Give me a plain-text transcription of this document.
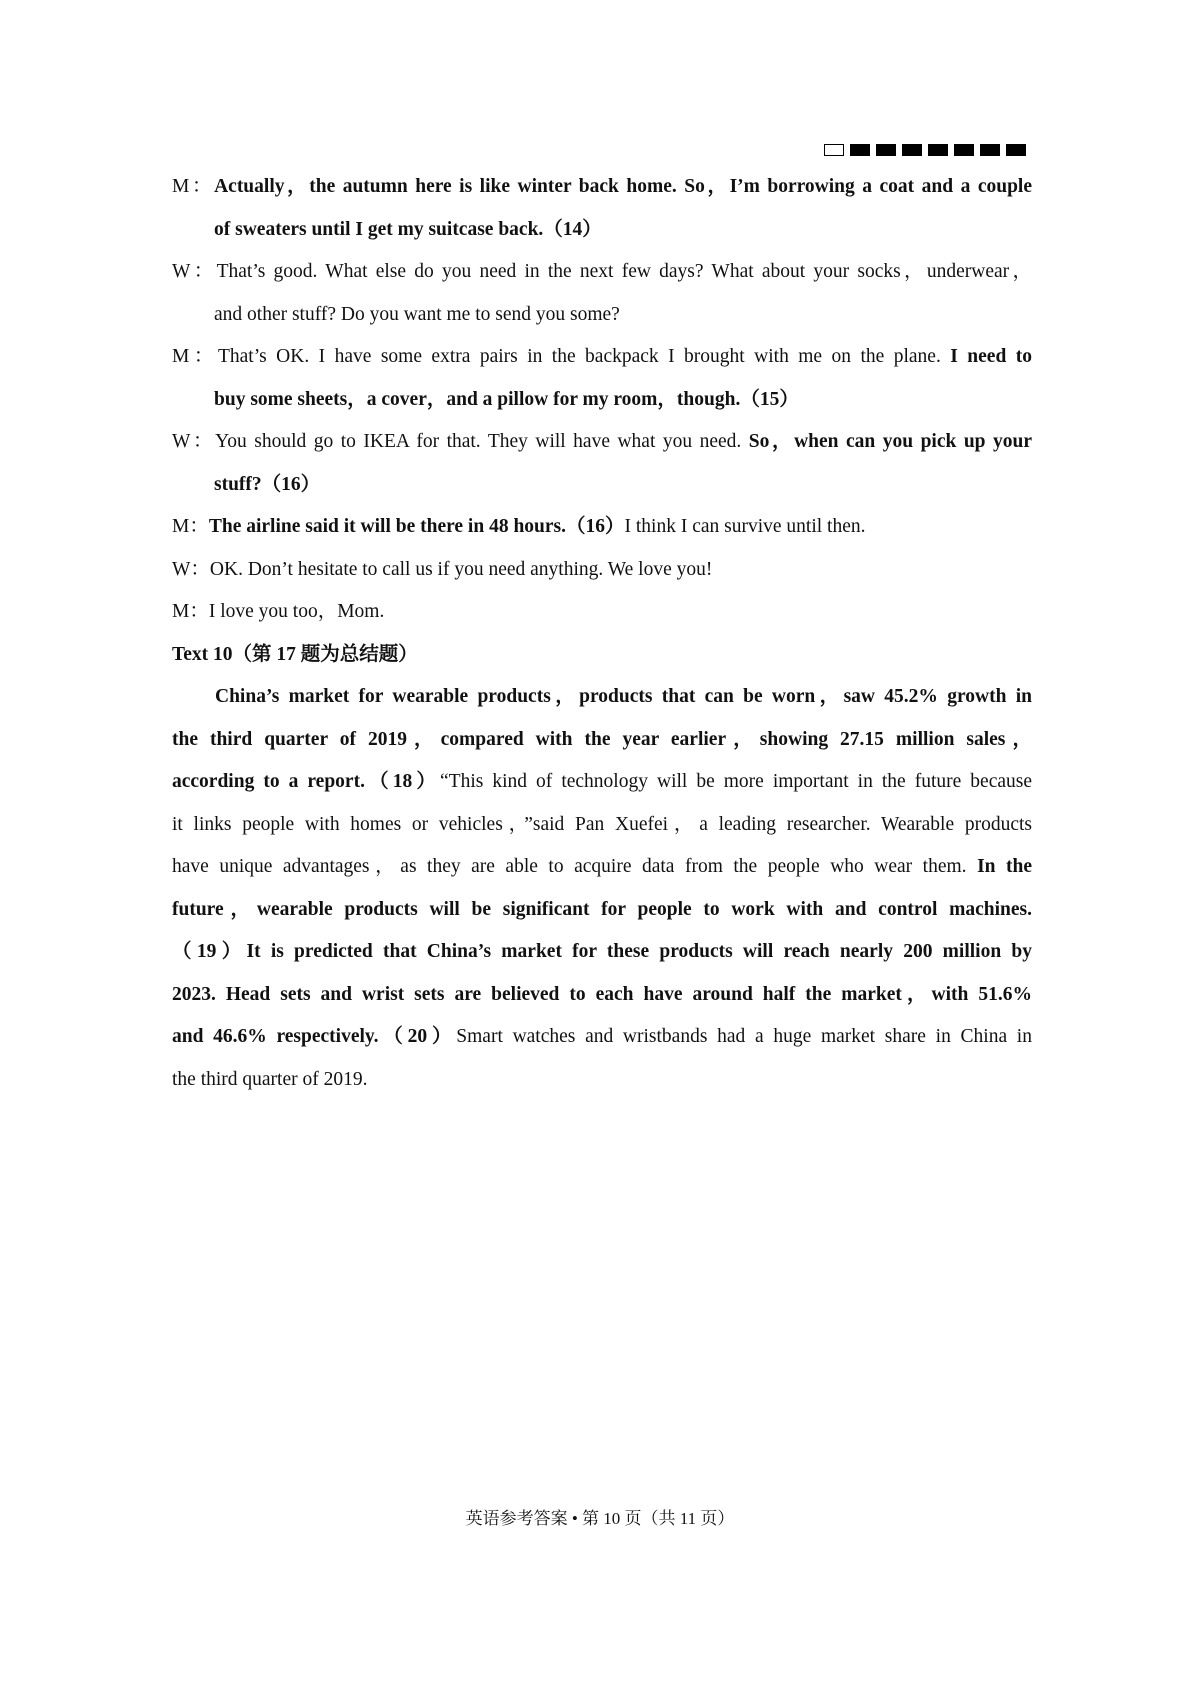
M：Actually，the autumn here is like winter back home. So，I’m borrowing a coat and a couple
of sweaters until I get my suitcase back.（14）
W：That’s good. What else do you need in the next few days? What about your socks，underwear，
and other stuff? Do you want me to send you some?
M：That’s OK. I have some extra pairs in the backpack I brought with me on the plane. I need to
buy some sheets，a cover，and a pillow for my room，though.（15）
W：You should go to IKEA for that. They will have what you need. So，when can you pick up your
stuff?（16）
M：The airline said it will be there in 48 hours.（16）I think I can survive until then.
W：OK. Don’t hesitate to call us if you need anything. We love you!
M：I love you too，Mom.
Text 10（第 17 题为总结题）
China’s market for wearable products，products that can be worn，saw 45.2% growth in
the third quarter of 2019，compared with the year earlier，showing 27.15 million sales，
according to a report.（18）“This kind of technology will be more important in the future because
it links people with homes or vehicles，”said Pan Xuefei，a leading researcher. Wearable products
have unique advantages，as they are able to acquire data from the people who wear them. In the
future，wearable products will be significant for people to work with and control machines.
（19）It is predicted that China’s market for these products will reach nearly 200 million by
2023. Head sets and wrist sets are believed to each have around half the market，with 51.6%
and 46.6% respectively.（20）Smart watches and wristbands had a huge market share in China in
the third quarter of 2019.
英语参考答案 • 第 10 页（共 11 页）
